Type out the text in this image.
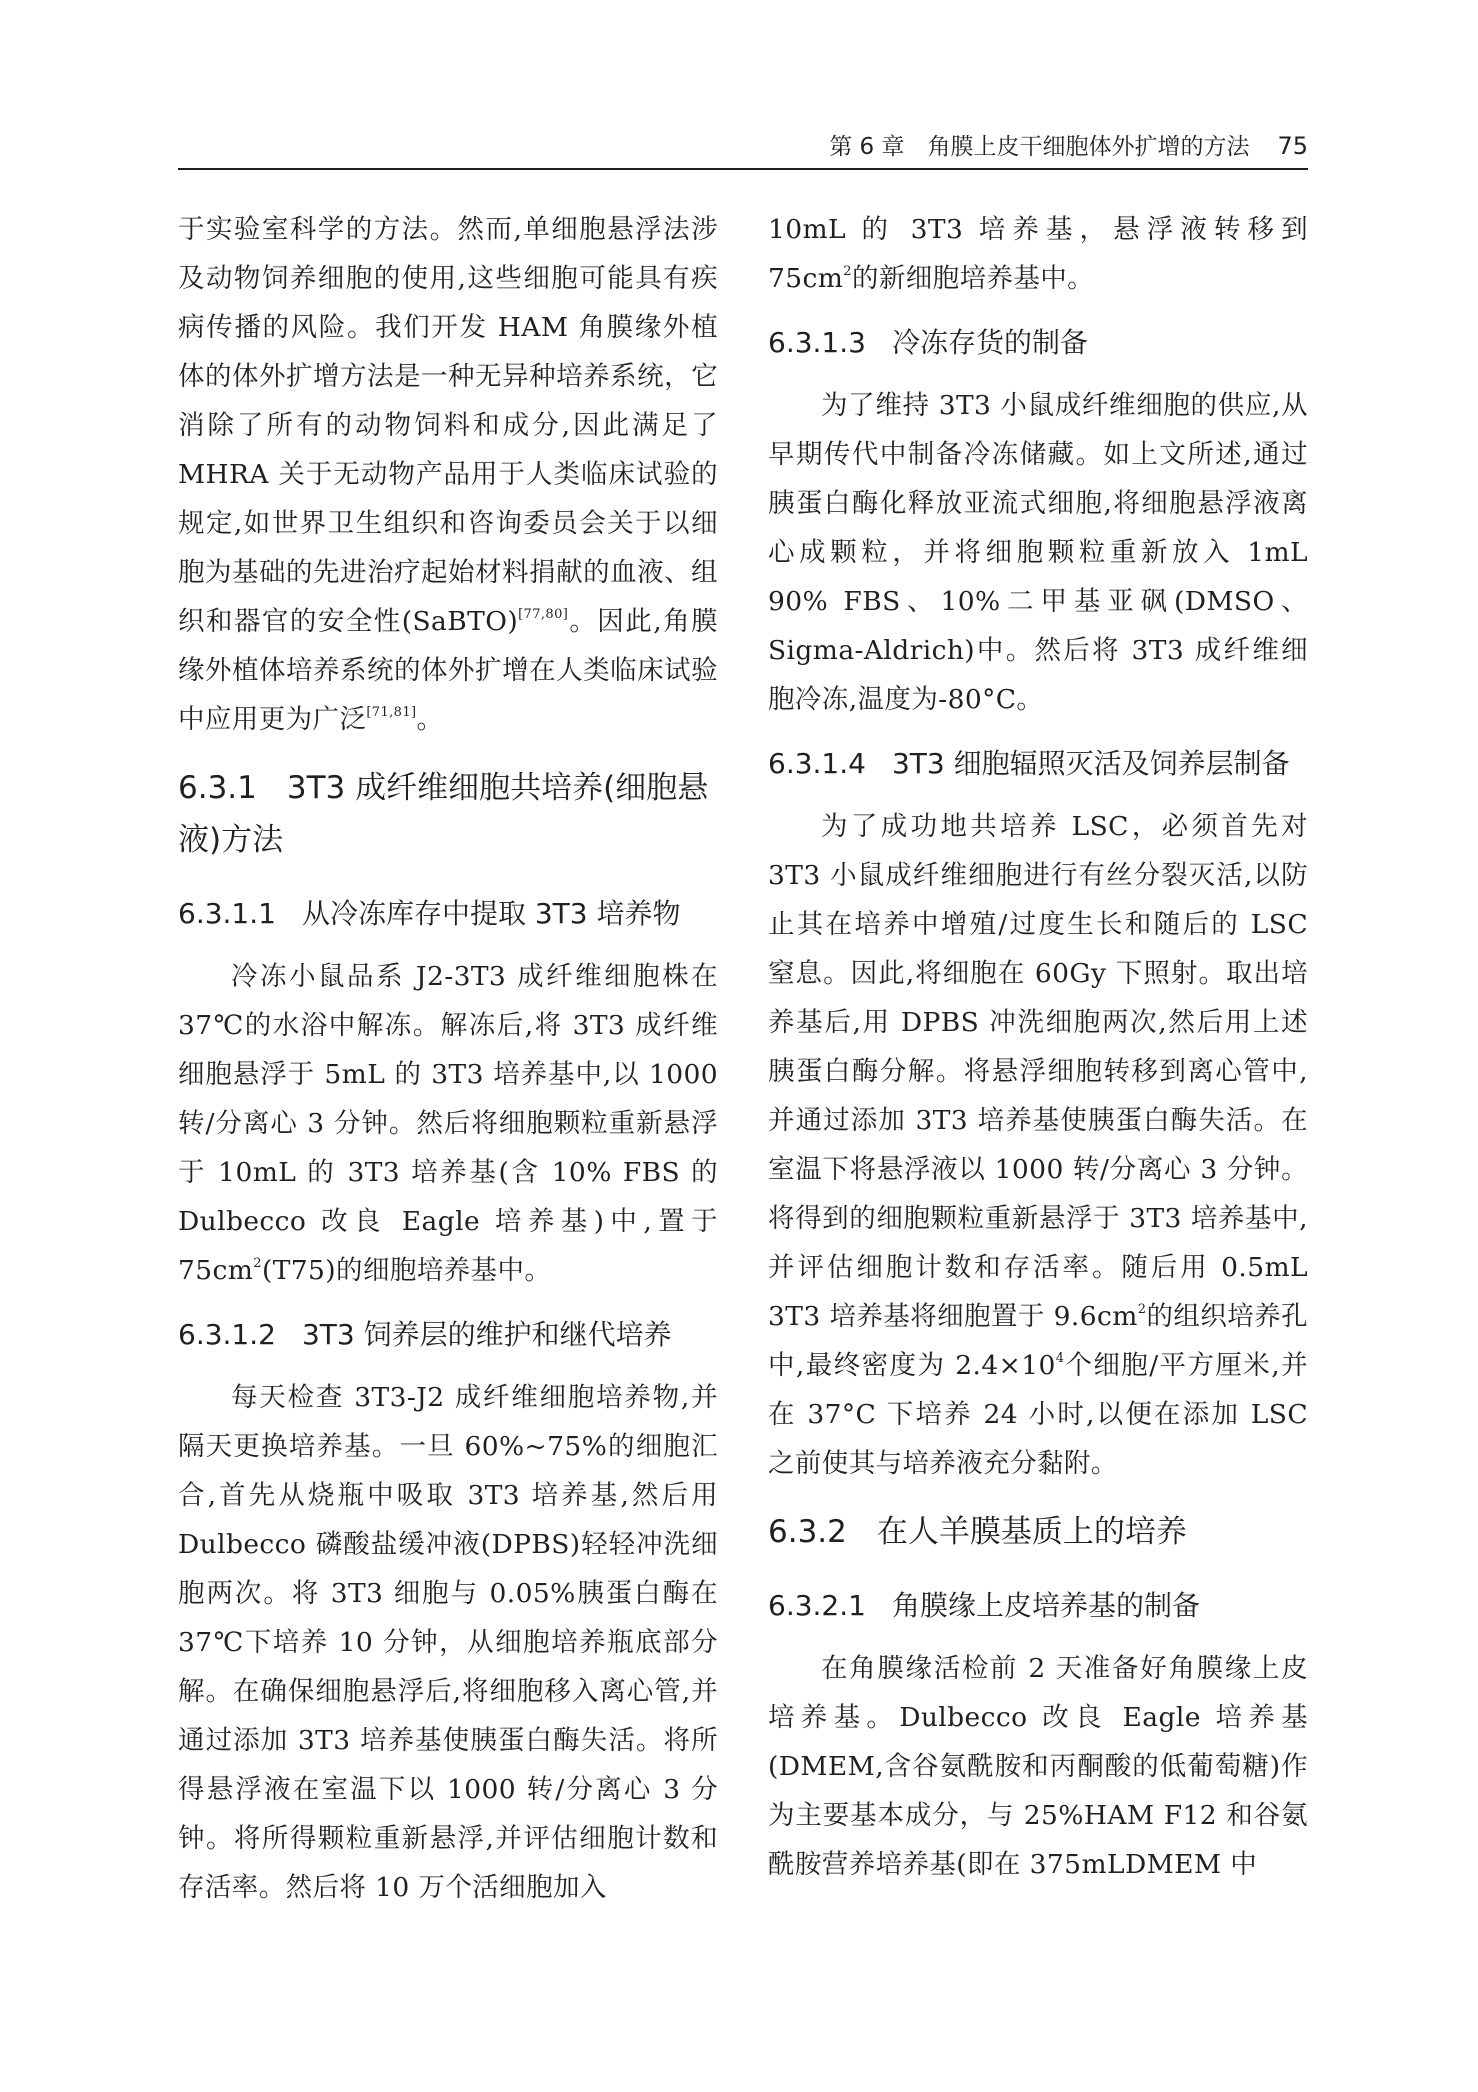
第 6 章　角膜上皮干细胞体外扩增的方法 75

于实验室科学的方法。然而,单细胞悬浮法涉及动物饲养细胞的使用,这些细胞可能具有疾病传播的风险。我们开发 HAM 角膜缘外植体的体外扩增方法是一种无异种培养系统，它消除了所有的动物饲料和成分,因此满足了 MHRA 关于无动物产品用于人类临床试验的规定,如世界卫生组织和咨询委员会关于以细胞为基础的先进治疗起始材料捐献的血液、组织和器官的安全性(SaBTO)[77,80]。因此,角膜缘外植体培养系统的体外扩增在人类临床试验中应用更为广泛[71,81]。

6.3.1 3T3 成纤维细胞共培养(细胞悬液)方法
6.3.1.1 从冷冻库存中提取 3T3 培养物

冷冻小鼠品系 J2-3T3 成纤维细胞株在 37℃的水浴中解冻。解冻后,将 3T3 成纤维细胞悬浮于 5mL 的 3T3 培养基中,以 1000 转/分离心 3 分钟。然后将细胞颗粒重新悬浮于 10mL 的 3T3 培养基(含 10% FBS 的 Dulbecco 改良 Eagle 培养基)中,置于 $75cm^2(T75)$的细胞培养基中。

6.3.1.2 3T3 饲养层的维护和继代培养

每天检查 3T3-J2 成纤维细胞培养物,并隔天更换培养基。一旦 60%~75%的细胞汇合,首先从烧瓶中吸取 3T3 培养基,然后用 Dulbecco 磷酸盐缓冲液(DPBS)轻轻冲洗细胞两次。将 3T3 细胞与 0.05%胰蛋白酶在 37℃下培养 10 分钟，从细胞培养瓶底部分解。在确保细胞悬浮后,将细胞移入离心管,并通过添加 3T3 培养基使胰蛋白酶失活。将所得悬浮液在室温下以 1000 转/分离心 3 分钟。将所得颗粒重新悬浮,并评估细胞计数和存活率。然后将 10 万个活细胞加入

10mL 的 3T3 培养基，悬浮液转移到 $75cm^2$的新细胞培养基中。

6.3.1.3 冷冻存货的制备

为了维持 3T3 小鼠成纤维细胞的供应,从早期传代中制备冷冻储藏。如上文所述,通过胰蛋白酶化释放亚流式细胞,将细胞悬浮液离心成颗粒，并将细胞颗粒重新放入 1mL 90% FBS、10%二甲基亚砜(DMSO、Sigma-Aldrich)中。然后将 3T3 成纤维细胞冷冻,温度为-80°C。

6.3.1.4 3T3 细胞辐照灭活及饲养层制备

为了成功地共培养 LSC，必须首先对 3T3 小鼠成纤维细胞进行有丝分裂灭活,以防止其在培养中增殖/过度生长和随后的 LSC 窒息。因此,将细胞在 60Gy 下照射。取出培养基后,用 DPBS 冲洗细胞两次,然后用上述胰蛋白酶分解。将悬浮细胞转移到离心管中,并通过添加 3T3 培养基使胰蛋白酶失活。在室温下将悬浮液以 1000 转/分离心 3 分钟。将得到的细胞颗粒重新悬浮于 3T3 培养基中,并评估细胞计数和存活率。随后用 0.5mL 3T3 培养基将细胞置于 $9.6cm^2$的组织培养孔中,最终密度为 $2.4\times 10^4$个细胞/平方厘米,并在 37°C 下培养 24 小时,以便在添加 LSC 之前使其与培养液充分黏附。

6.3.2 在人羊膜基质上的培养
6.3.2.1 角膜缘上皮培养基的制备

在角膜缘活检前 2 天准备好角膜缘上皮培养基。Dulbecco 改良 Eagle 培养基(DMEM,含谷氨酰胺和丙酮酸的低葡萄糖)作为主要基本成分，与 25%HAM F12 和谷氨酰胺营养培养基(即在 375mLDMEM 中
